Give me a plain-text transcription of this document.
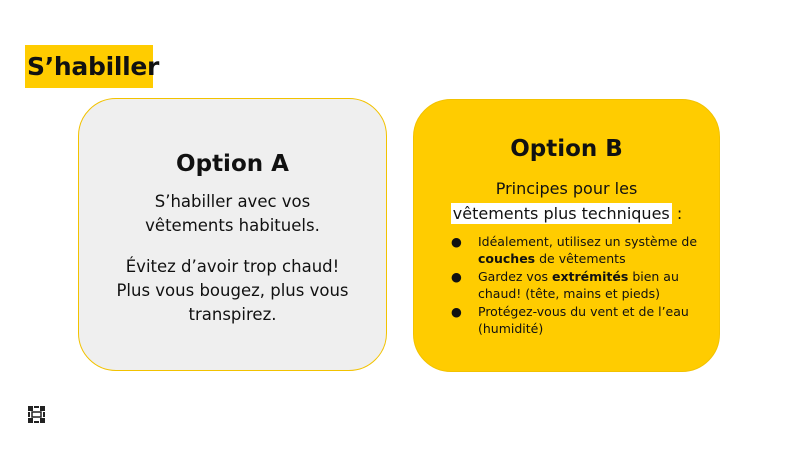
S’habiller
Option A
S’habiller avec vos
vêtements habituels.
Évitez d’avoir trop chaud!
Plus vous bougez, plus vous
transpirez.
Option B
Principes pour les
vêtements plus techniques :
● Idéalement, utilisez un système de couches de vêtements
● Gardez vos extrémités bien au chaud! (tête, mains et pieds)
● Protégez-vous du vent et de l’eau (humidité)
